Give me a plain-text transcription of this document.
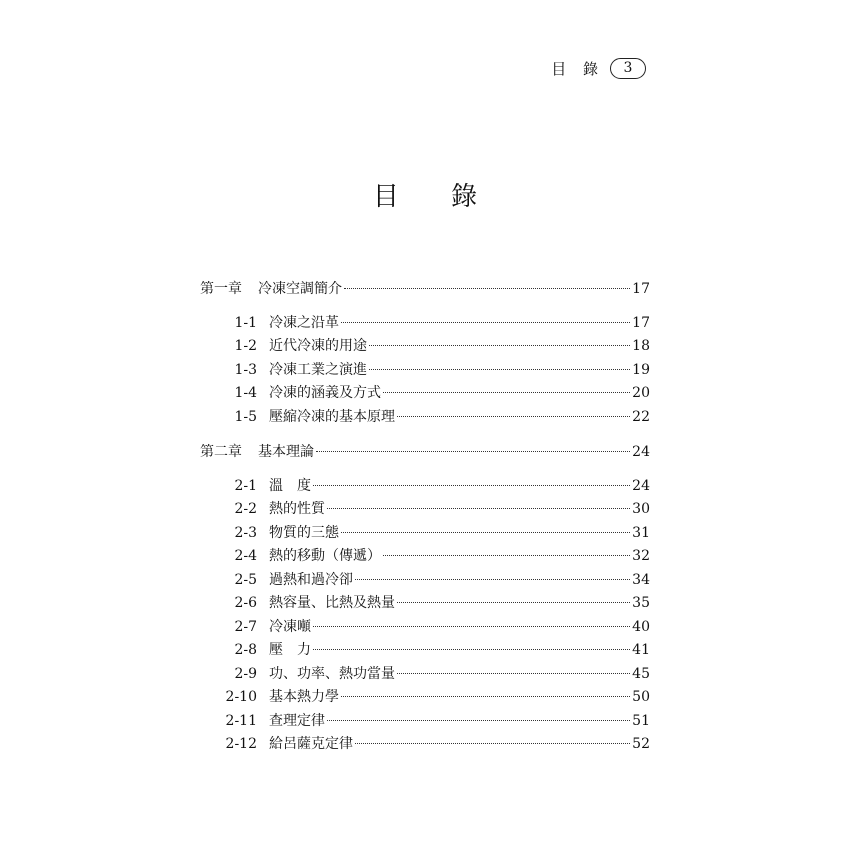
目 錄	3
目 錄
第一章	冷凍空調簡介	17
1-1 冷凍之沿革	17
1-2 近代冷凍的用途	18
1-3 冷凍工業之演進	19
1-4 冷凍的涵義及方式	20
1-5 壓縮冷凍的基本原理	22
第二章	基本理論	24
2-1 溫　度	24
2-2 熱的性質	30
2-3 物質的三態	31
2-4 熱的移動（傳遞）	32
2-5 過熱和過冷卻	34
2-6 熱容量、比熱及熱量	35
2-7 冷凍噸	40
2-8 壓　力	41
2-9 功、功率、熱功當量	45
2-10 基本熱力學	50
2-11 查理定律	51
2-12 給呂薩克定律	52
